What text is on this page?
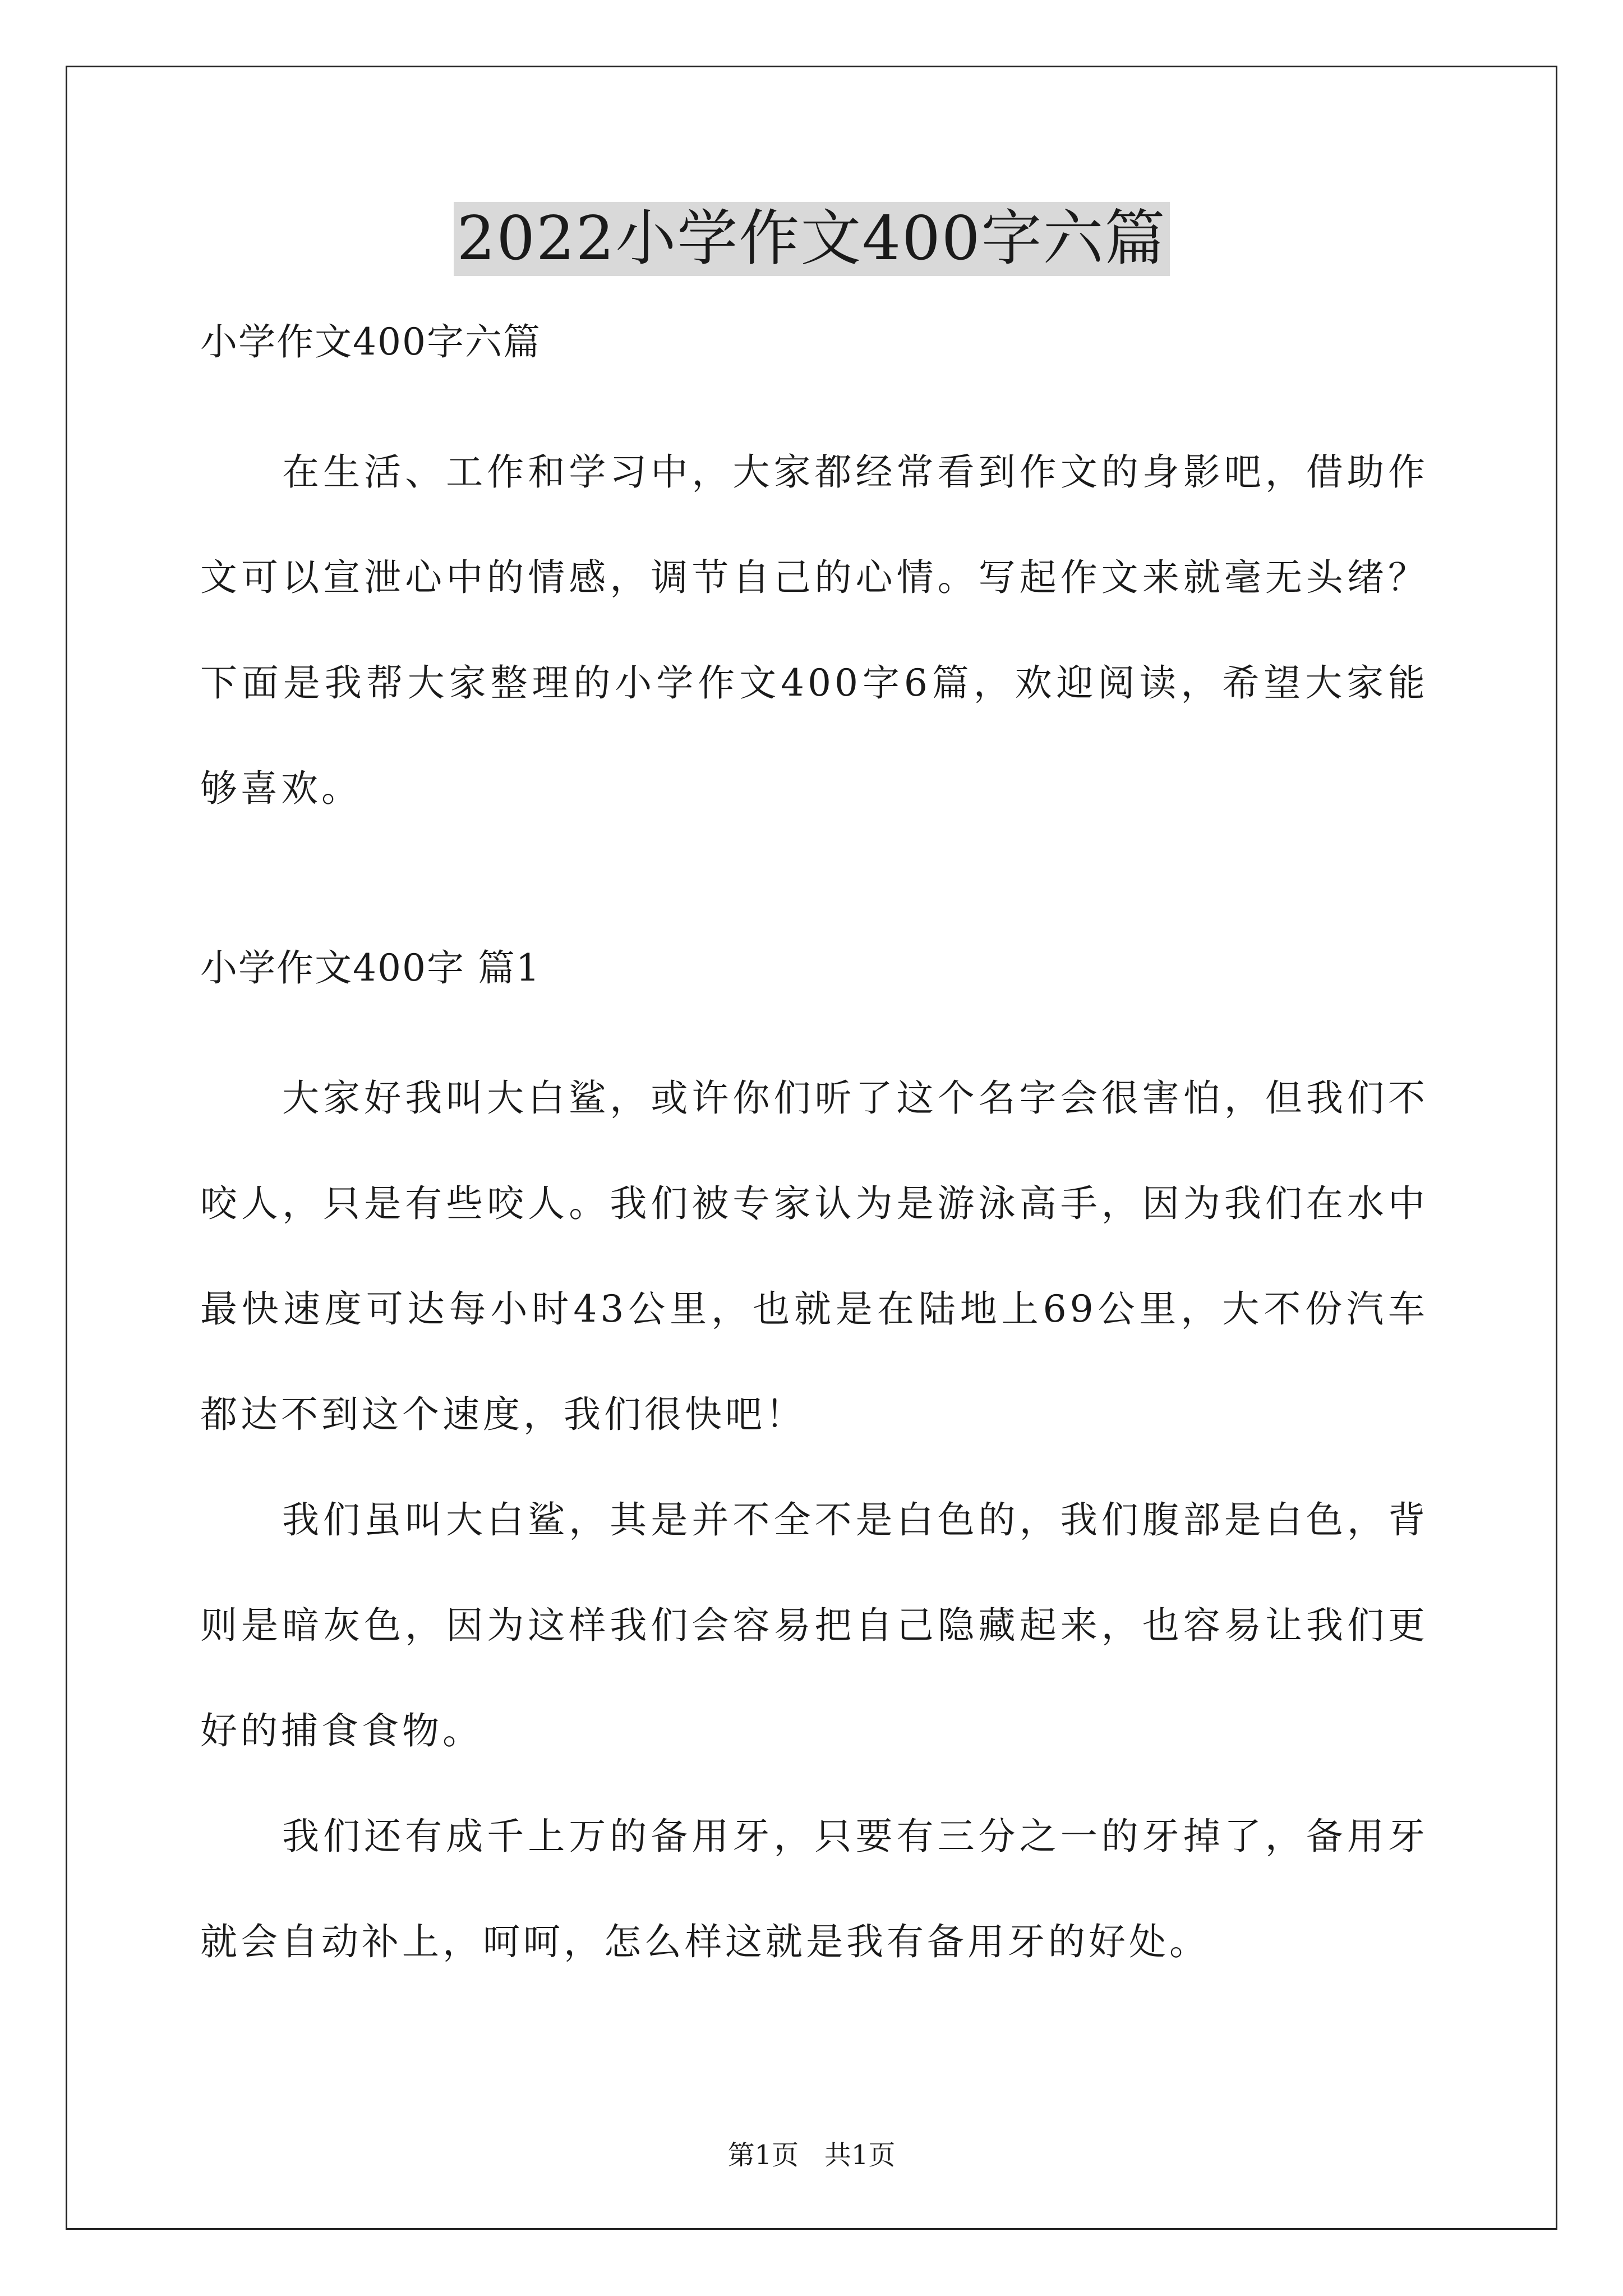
2022小学作文400字六篇

小学作文400字六篇

在生活、工作和学习中，大家都经常看到作文的身影吧，借助作文可以宣泄心中的情感，调节自己的心情。写起作文来就毫无头绪？下面是我帮大家整理的小学作文400字6篇，欢迎阅读，希望大家能够喜欢。

小学作文400字 篇1

大家好我叫大白鲨，或许你们听了这个名字会很害怕，但我们不咬人，只是有些咬人。我们被专家认为是游泳高手，因为我们在水中最快速度可达每小时43公里，也就是在陆地上69公里，大不份汽车都达不到这个速度，我们很快吧！

我们虽叫大白鲨，其是并不全不是白色的，我们腹部是白色，背则是暗灰色，因为这样我们会容易把自己隐藏起来，也容易让我们更好的捕食食物。

我们还有成千上万的备用牙，只要有三分之一的牙掉了，备用牙就会自动补上，呵呵，怎么样这就是我有备用牙的好处。

第1页   共1页
